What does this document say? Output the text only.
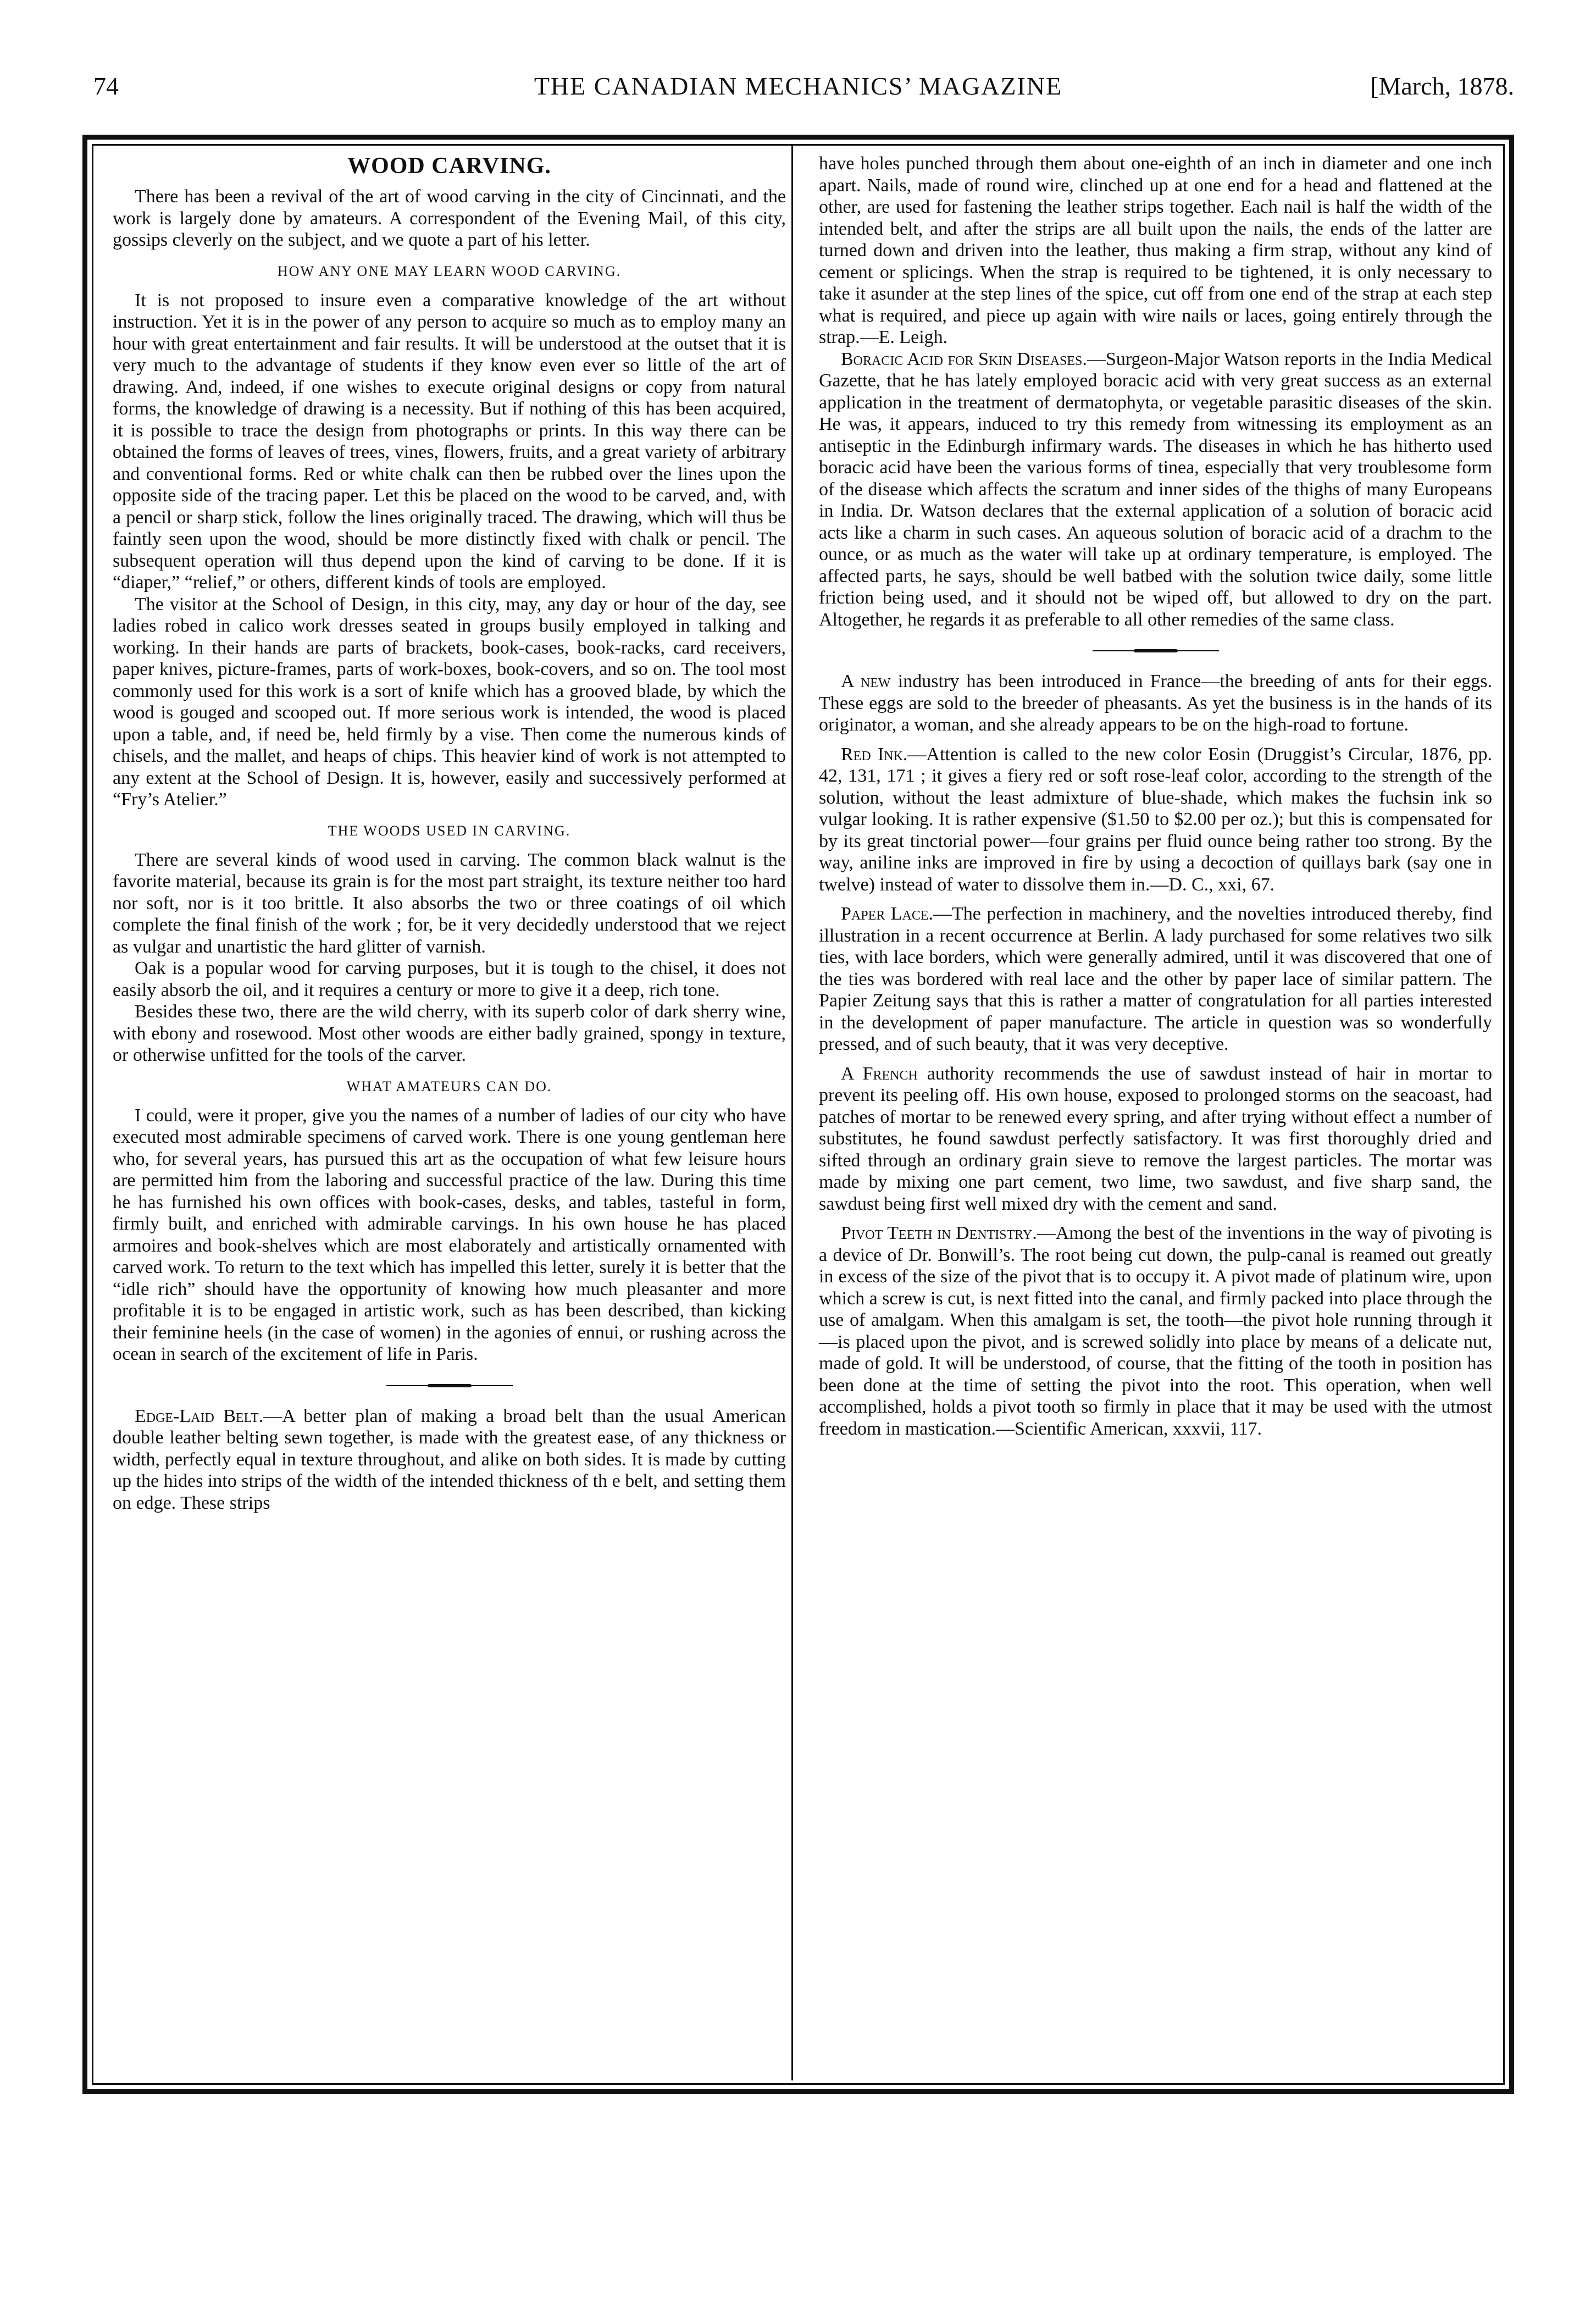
74	THE CANADIAN MECHANICS’ MAGAZINE	[March, 1878.
WOOD CARVING.

There has been a revival of the art of wood carving in the city of Cincinnati, and the work is largely done by amateurs. A correspondent of the Evening Mail, of this city, gossips cleverly on the subject, and we quote a part of his letter.

HOW ANY ONE MAY LEARN WOOD CARVING.

It is not proposed to insure even a comparative knowledge of the art without instruction. Yet it is in the power of any person to acquire so much as to employ many an hour with great entertainment and fair results. It will be understood at the outset that it is very much to the advantage of students if they know even ever so little of the art of drawing. And, indeed, if one wishes to execute original designs or copy from natural forms, the knowledge of drawing is a necessity. But if nothing of this has been acquired, it is possible to trace the design from photographs or prints. In this way there can be obtained the forms of leaves of trees, vines, flowers, fruits, and a great variety of arbitrary and conventional forms. Red or white chalk can then be rubbed over the lines upon the opposite side of the tracing paper. Let this be placed on the wood to be carved, and, with a pencil or sharp stick, follow the lines originally traced. The drawing, which will thus be faintly seen upon the wood, should be more distinctly fixed with chalk or pencil. The subsequent operation will thus depend upon the kind of carving to be done. If it is “diaper,” “relief,” or others, different kinds of tools are employed.

The visitor at the School of Design, in this city, may, any day or hour of the day, see ladies robed in calico work dresses seated in groups busily employed in talking and working. In their hands are parts of brackets, book-cases, book-racks, card receivers, paper knives, picture-frames, parts of work-boxes, book-covers, and so on. The tool most commonly used for this work is a sort of knife which has a grooved blade, by which the wood is gouged and scooped out. If more serious work is intended, the wood is placed upon a table, and, if need be, held firmly by a vise. Then come the numerous kinds of chisels, and the mallet, and heaps of chips. This heavier kind of work is not attempted to any extent at the School of Design. It is, however, easily and successively performed at “Fry’s Atelier.”

THE WOODS USED IN CARVING.

There are several kinds of wood used in carving. The common black walnut is the favorite material, because its grain is for the most part straight, its texture neither too hard nor soft, nor is it too brittle. It also absorbs the two or three coatings of oil which complete the final finish of the work ; for, be it very decidedly understood that we reject as vulgar and unartistic the hard glitter of varnish.

Oak is a popular wood for carving purposes, but it is tough to the chisel, it does not easily absorb the oil, and it requires a century or more to give it a deep, rich tone.

Besides these two, there are the wild cherry, with its superb color of dark sherry wine, with ebony and rosewood. Most other woods are either badly grained, spongy in texture, or otherwise unfitted for the tools of the carver.

WHAT AMATEURS CAN DO.

I could, were it proper, give you the names of a number of ladies of our city who have executed most admirable specimens of carved work. There is one young gentleman here who, for several years, has pursued this art as the occupation of what few leisure hours are permitted him from the laboring and successful practice of the law. During this time he has furnished his own offices with book-cases, desks, and tables, tasteful in form, firmly built, and enriched with admirable carvings. In his own house he has placed armoires and book-shelves which are most elaborately and artistically ornamented with carved work. To return to the text which has impelled this letter, surely it is better that the “idle rich” should have the opportunity of knowing how much pleasanter and more profitable it is to be engaged in artistic work, such as has been described, than kicking their feminine heels (in the case of women) in the agonies of ennui, or rushing across the ocean in search of the excitement of life in Paris.

Edge-Laid Belt.—A better plan of making a broad belt than the usual American double leather belting sewn together, is made with the greatest ease, of any thickness or width, perfectly equal in texture throughout, and alike on both sides. It is made by cutting up the hides into strips of the width of the intended thickness of th e belt, and setting them on edge. These strips

have holes punched through them about one-eighth of an inch in diameter and one inch apart. Nails, made of round wire, clinched up at one end for a head and flattened at the other, are used for fastening the leather strips together. Each nail is half the width of the intended belt, and after the strips are all built upon the nails, the ends of the latter are turned down and driven into the leather, thus making a firm strap, without any kind of cement or splicings. When the strap is required to be tightened, it is only necessary to take it asunder at the step lines of the spice, cut off from one end of the strap at each step what is required, and piece up again with wire nails or laces, going entirely through the strap.—E. Leigh.

Boracic Acid for Skin Diseases.—Surgeon-Major Watson reports in the India Medical Gazette, that he has lately employed boracic acid with very great success as an external application in the treatment of dermatophyta, or vegetable parasitic diseases of the skin. He was, it appears, induced to try this remedy from witnessing its employment as an antiseptic in the Edinburgh infirmary wards. The diseases in which he has hitherto used boracic acid have been the various forms of tinea, especially that very troublesome form of the disease which affects the scratum and inner sides of the thighs of many Europeans in India. Dr. Watson declares that the external application of a solution of boracic acid acts like a charm in such cases. An aqueous solution of boracic acid of a drachm to the ounce, or as much as the water will take up at ordinary temperature, is employed. The affected parts, he says, should be well batbed with the solution twice daily, some little friction being used, and it should not be wiped off, but allowed to dry on the part. Altogether, he regards it as preferable to all other remedies of the same class.

A new industry has been introduced in France—the breeding of ants for their eggs. These eggs are sold to the breeder of pheasants. As yet the business is in the hands of its originator, a woman, and she already appears to be on the high-road to fortune.

Red Ink.—Attention is called to the new color Eosin (Druggist’s Circular, 1876, pp. 42, 131, 171 ; it gives a fiery red or soft rose-leaf color, according to the strength of the solution, without the least admixture of blue-shade, which makes the fuchsin ink so vulgar looking. It is rather expensive ($1.50 to $2.00 per oz.); but this is compensated for by its great tinctorial power—four grains per fluid ounce being rather too strong. By the way, aniline inks are improved in fire by using a decoction of quillays bark (say one in twelve) instead of water to dissolve them in.—D. C., xxi, 67.

Paper Lace.—The perfection in machinery, and the novelties introduced thereby, find illustration in a recent occurrence at Berlin. A lady purchased for some relatives two silk ties, with lace borders, which were generally admired, until it was discovered that one of the ties was bordered with real lace and the other by paper lace of similar pattern. The Papier Zeitung says that this is rather a matter of congratulation for all parties interested in the development of paper manufacture. The article in question was so wonderfully pressed, and of such beauty, that it was very deceptive.

A French authority recommends the use of sawdust instead of hair in mortar to prevent its peeling off. His own house, exposed to prolonged storms on the seacoast, had patches of mortar to be renewed every spring, and after trying without effect a number of substitutes, he found sawdust perfectly satisfactory. It was first thoroughly dried and sifted through an ordinary grain sieve to remove the largest particles. The mortar was made by mixing one part cement, two lime, two sawdust, and five sharp sand, the sawdust being first well mixed dry with the cement and sand.

Pivot Teeth in Dentistry.—Among the best of the inventions in the way of pivoting is a device of Dr. Bonwill’s. The root being cut down, the pulp-canal is reamed out greatly in excess of the size of the pivot that is to occupy it. A pivot made of platinum wire, upon which a screw is cut, is next fitted into the canal, and firmly packed into place through the use of amalgam. When this amalgam is set, the tooth—the pivot hole running through it—is placed upon the pivot, and is screwed solidly into place by means of a delicate nut, made of gold. It will be understood, of course, that the fitting of the tooth in position has been done at the time of setting the pivot into the root. This operation, when well accomplished, holds a pivot tooth so firmly in place that it may be used with the utmost freedom in mastication.—Scientific American, xxxvii, 117.
